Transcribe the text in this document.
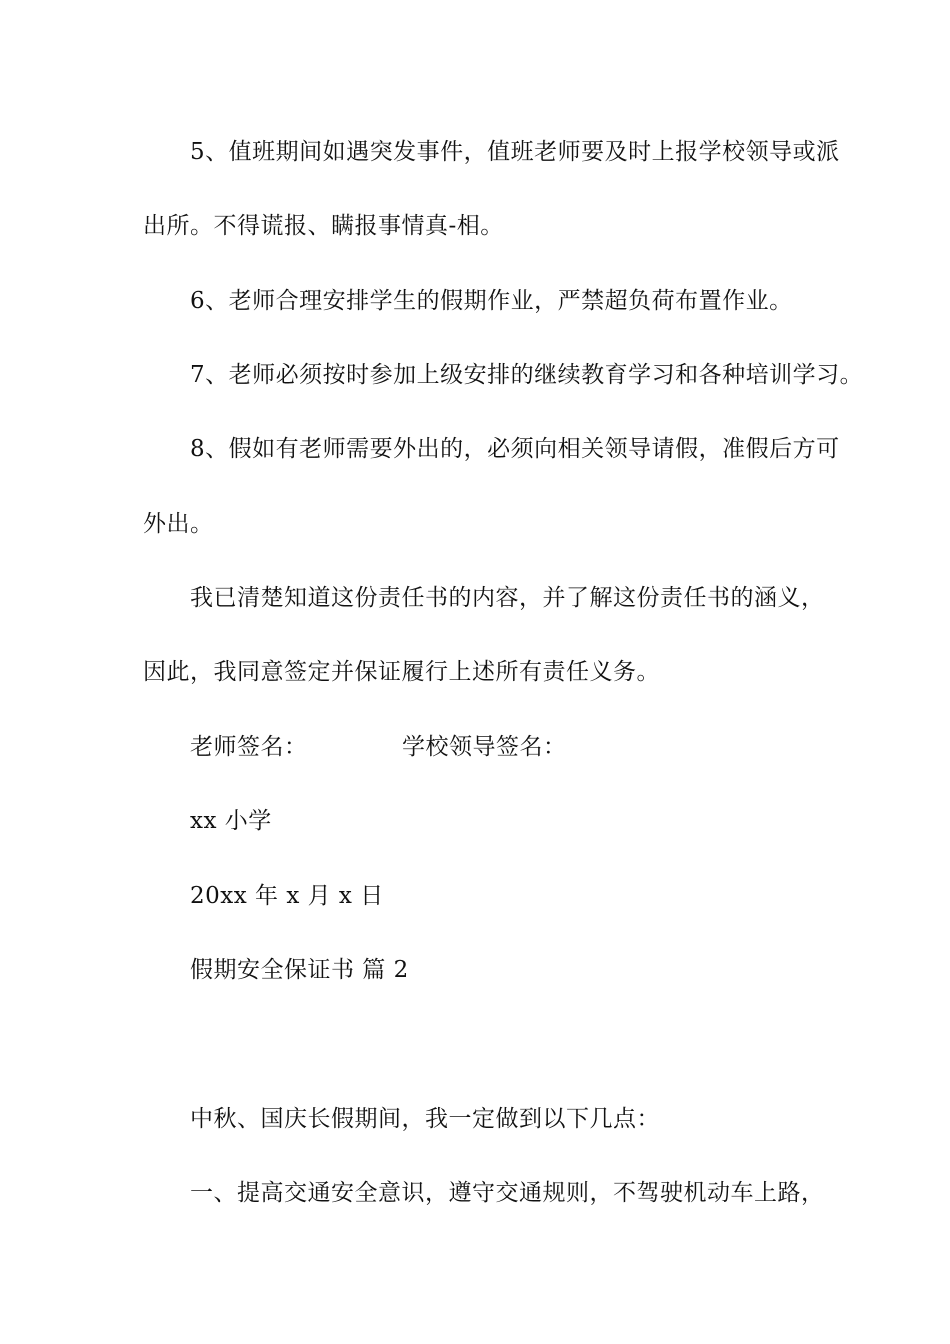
5、值班期间如遇突发事件，值班老师要及时上报学校领导或派
出所。不得谎报、瞒报事情真-相。
6、老师合理安排学生的假期作业，严禁超负荷布置作业。
7、老师必须按时参加上级安排的继续教育学习和各种培训学习。
8、假如有老师需要外出的，必须向相关领导请假，准假后方可
外出。
我已清楚知道这份责任书的内容，并了解这份责任书的涵义，
因此，我同意签定并保证履行上述所有责任义务。
老师签名：	学校领导签名：
xx 小学
20xx 年 x 月 x 日
假期安全保证书 篇 2
中秋、国庆长假期间，我一定做到以下几点：
一、提高交通安全意识，遵守交通规则，不驾驶机动车上路，
